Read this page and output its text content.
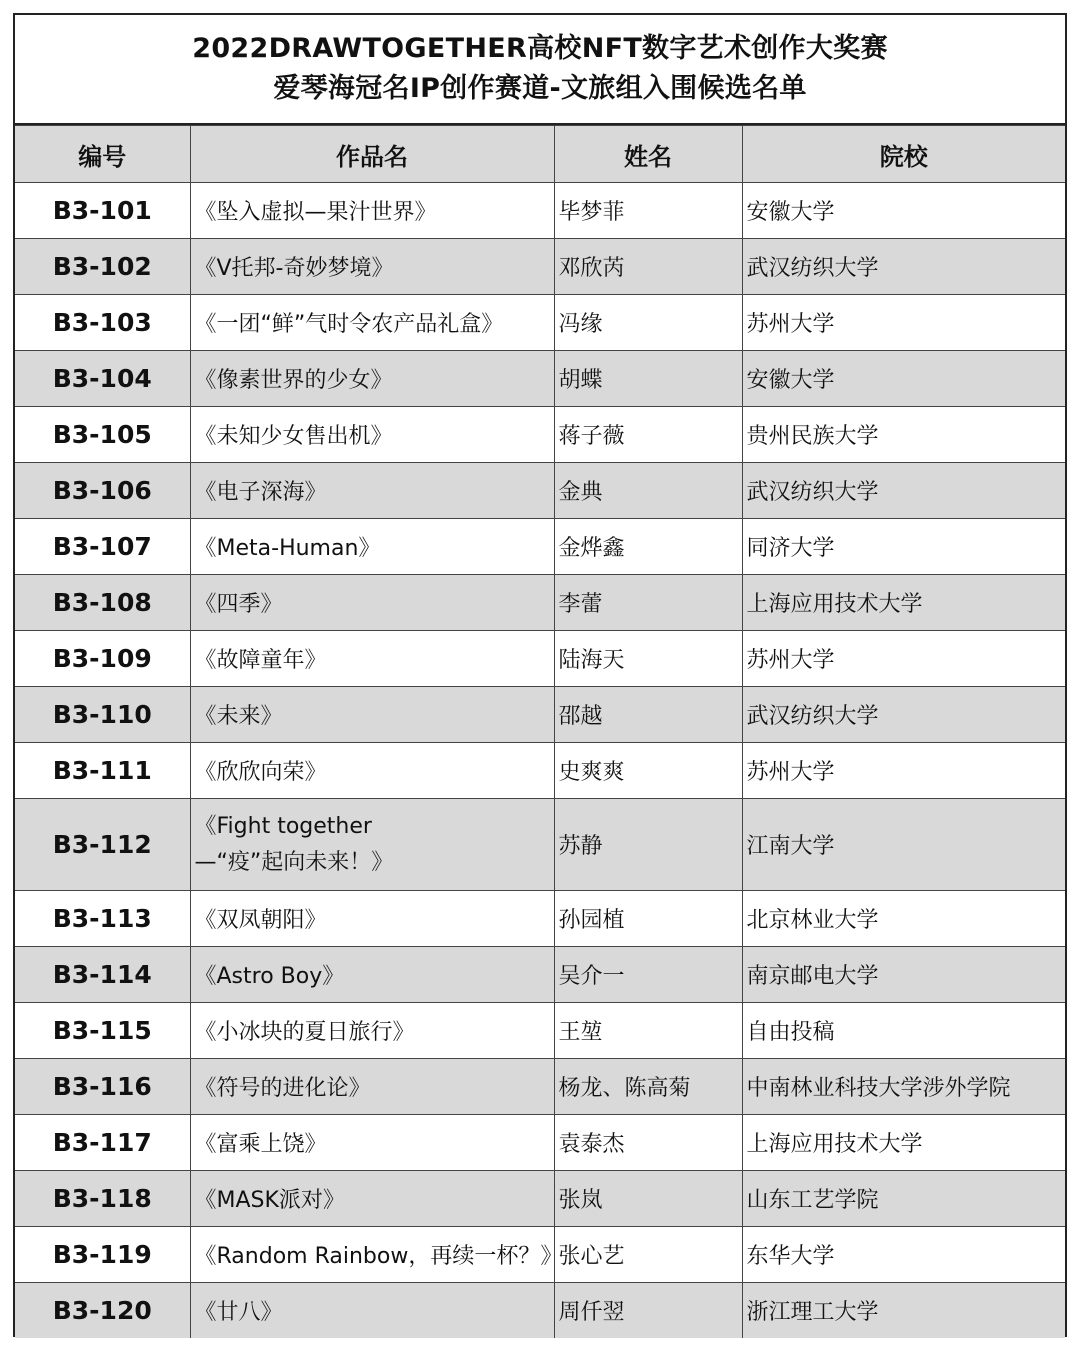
2022DRAWTOGETHER高校NFT数字艺术创作大奖赛
爱琴海冠名IP创作赛道-文旅组入围候选名单
编号	作品名	姓名	院校
B3-101	《坠入虚拟—果汁世界》	毕梦菲	安徽大学
B3-102	《V托邦-奇妙梦境》	邓欣芮	武汉纺织大学
B3-103	《一团“鲜”气时令农产品礼盒》	冯缘	苏州大学
B3-104	《像素世界的少女》	胡蝶	安徽大学
B3-105	《未知少女售出机》	蒋子薇	贵州民族大学
B3-106	《电子深海》	金典	武汉纺织大学
B3-107	《Meta-Human》	金烨鑫	同济大学
B3-108	《四季》	李蕾	上海应用技术大学
B3-109	《故障童年》	陆海天	苏州大学
B3-110	《未来》	邵越	武汉纺织大学
B3-111	《欣欣向荣》	史爽爽	苏州大学
B3-112	《Fight together
—“疫”起向未来！》	苏静	江南大学
B3-113	《双凤朝阳》	孙园植	北京林业大学
B3-114	《Astro Boy》	吴介一	南京邮电大学
B3-115	《小冰块的夏日旅行》	王堃	自由投稿
B3-116	《符号的进化论》	杨龙、陈高菊	中南林业科技大学涉外学院
B3-117	《富乘上饶》	袁泰杰	上海应用技术大学
B3-118	《MASK派对》	张岚	山东工艺学院
B3-119	《Random Rainbow，再续一杯？》	张心艺	东华大学
B3-120	《廿八》	周仟翌	浙江理工大学
